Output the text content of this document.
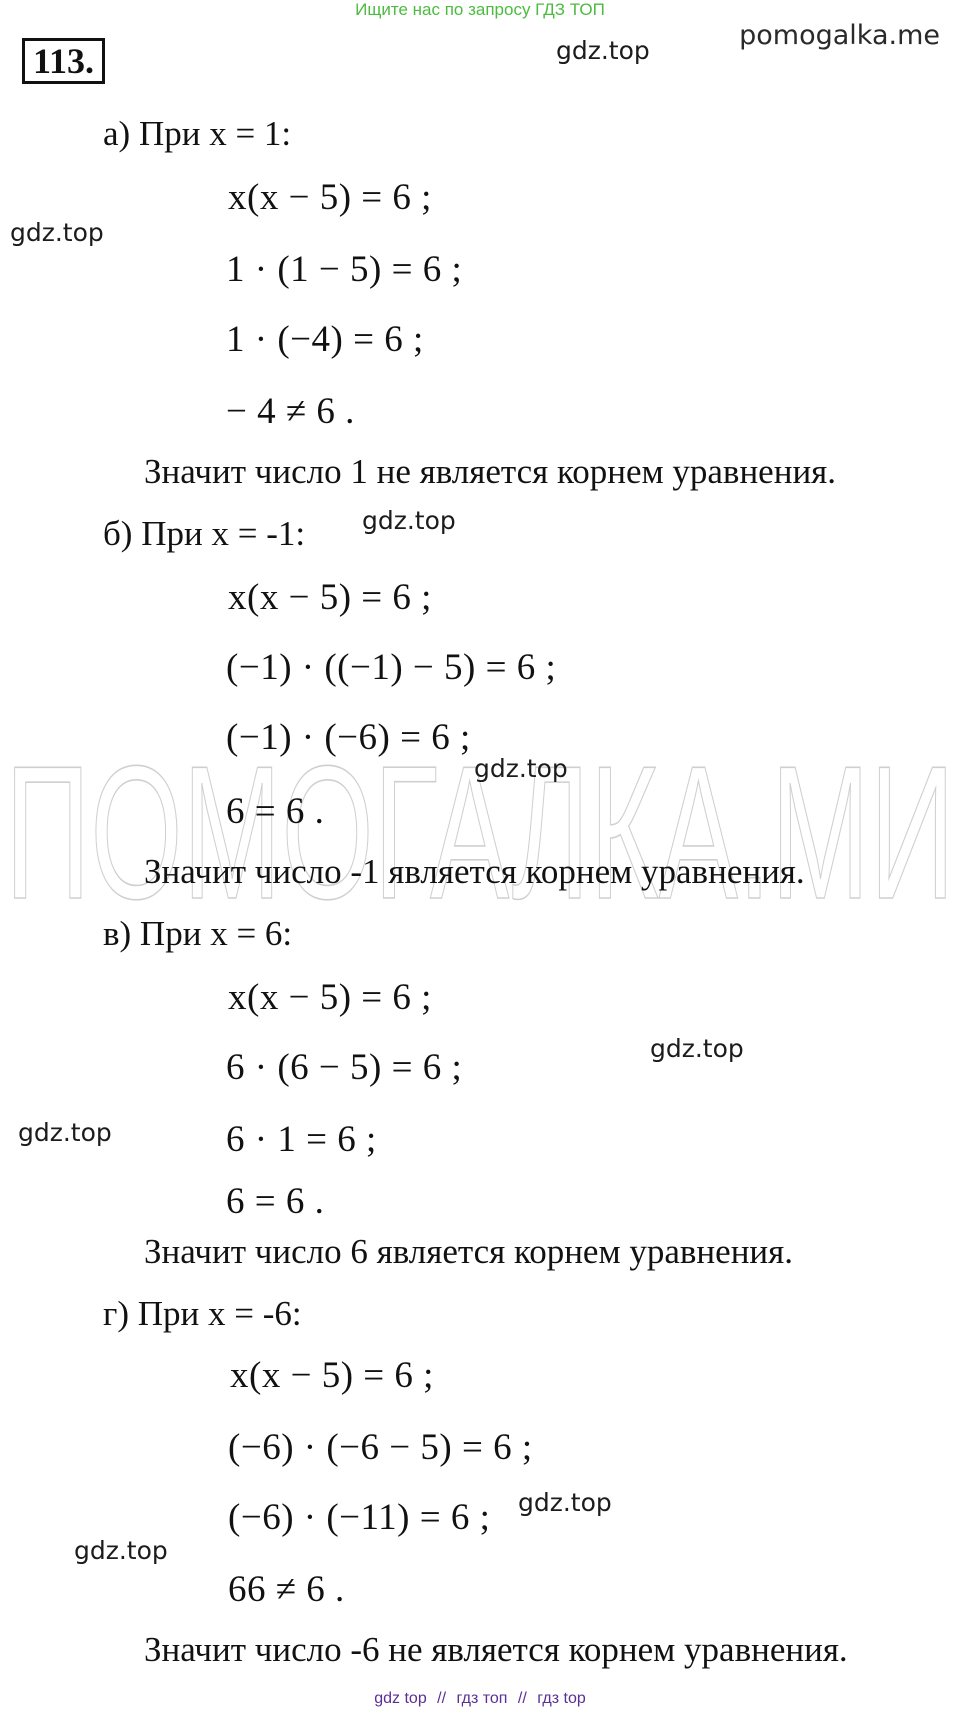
Ищите нас по запросу ГДЗ ТОП
pomogalka.me
113.
ПОМОГАЛКА.МИ
gdz.top
gdz.top
gdz.top
gdz.top
gdz.top
gdz.top
gdz.top
gdz.top
а) При x = 1:
x(x − 5) = 6 ;
1 · (1 − 5) = 6 ;
1 · (−4) = 6 ;
− 4 ≠ 6 .
Значит число 1 не является корнем уравнения.
б) При x = -1:
x(x − 5) = 6 ;
(−1) · ((−1) − 5) = 6 ;
(−1) · (−6) = 6 ;
6 = 6 .
Значит число -1 является корнем уравнения.
в) При x = 6:
x(x − 5) = 6 ;
6 · (6 − 5) = 6 ;
6 · 1 = 6 ;
6 = 6 .
Значит число 6 является корнем уравнения.
г) При x = -6:
x(x − 5) = 6 ;
(−6) · (−6 − 5) = 6 ;
(−6) · (−11) = 6 ;
66 ≠ 6 .
Значит число -6 не является корнем уравнения.
gdz top // гдз топ // гдз top
